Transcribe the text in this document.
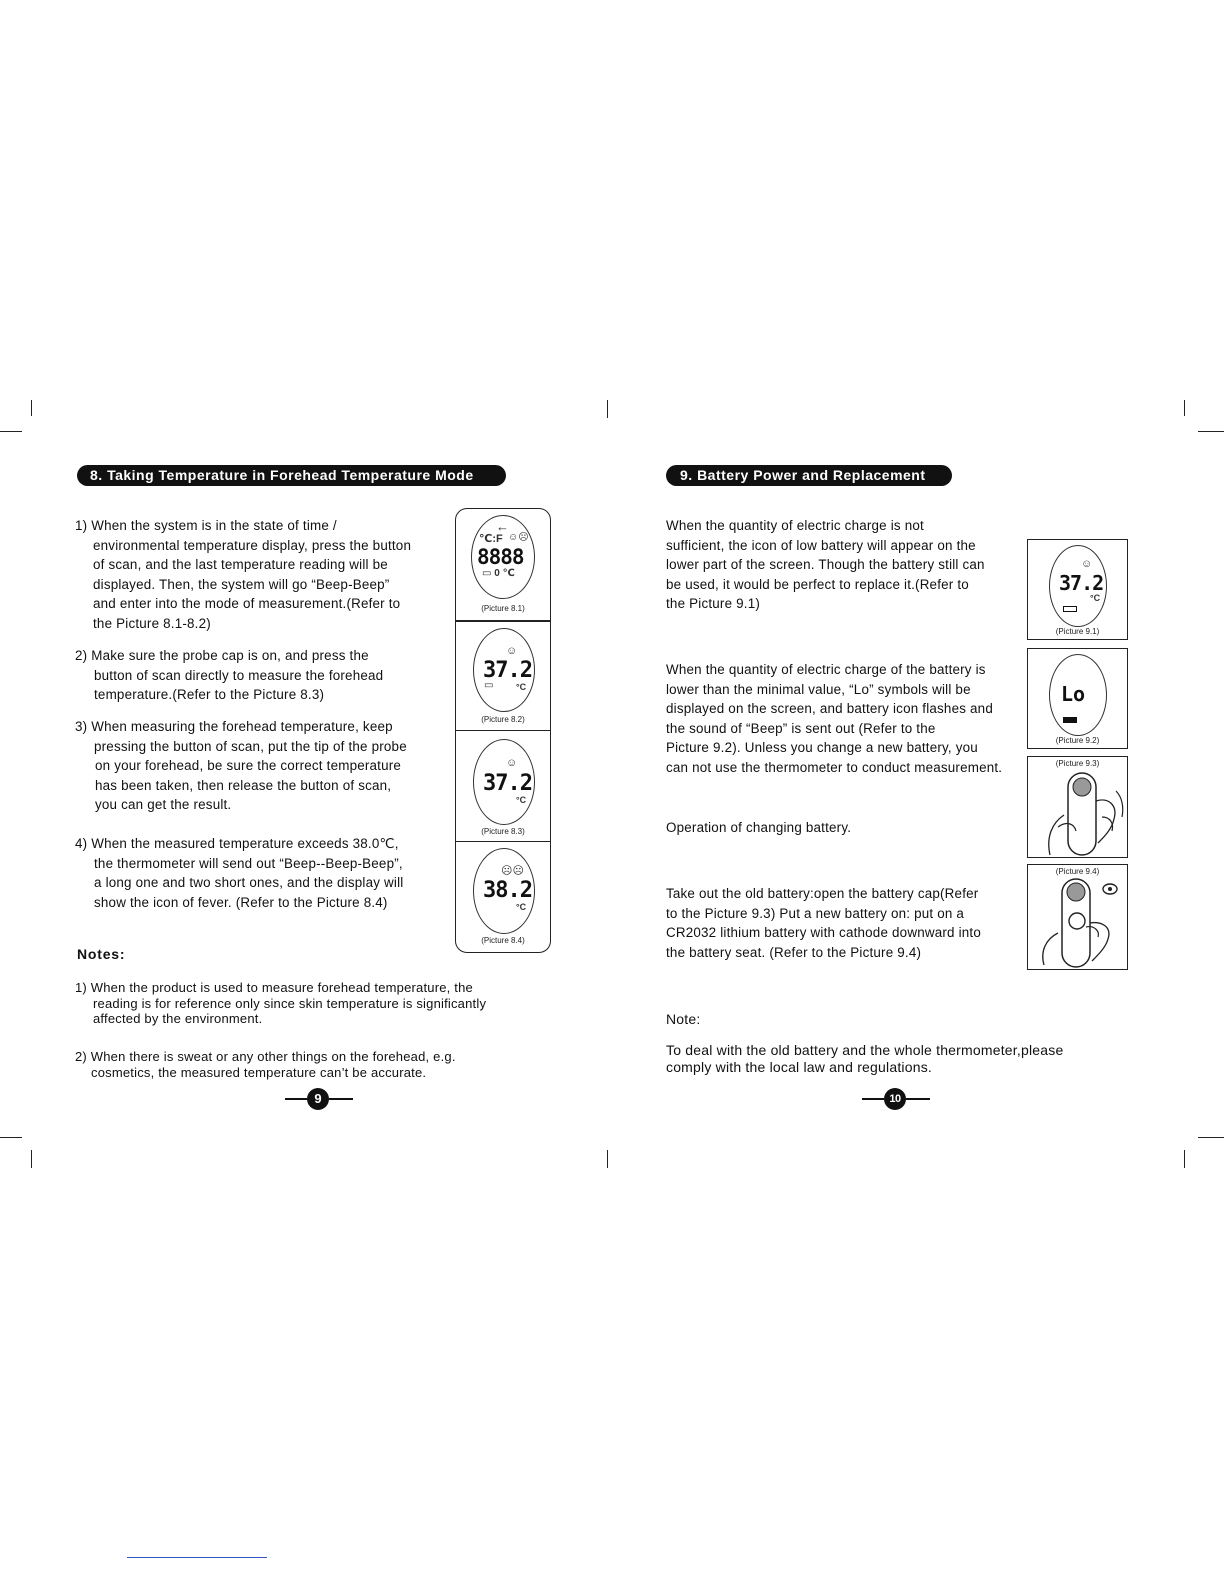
8. Taking Temperature in Forehead Temperature Mode
1) When the system is in the state of time /
environmental temperature display, press the button
of scan, and the last temperature reading will be
displayed. Then, the system will go “Beep-Beep”
and enter into the mode of measurement.(Refer to
the Picture 8.1-8.2)
2) Make sure the probe cap is on, and press the
button of scan directly to measure the forehead
temperature.(Refer to the Picture 8.3)
3) When measuring the forehead temperature, keep
pressing the button of scan, put the tip of the probe
on your forehead, be sure the correct temperature
has been taken, then release the button of scan,
you can get the result.
4) When the measured temperature exceeds 38.0℃,
the thermometer will send out “Beep--Beep-Beep”,
a long one and two short ones, and the display will
show the icon of fever. (Refer to the Picture 8.4)
Notes:
1) When the product is used to measure forehead temperature, the
reading is for reference only since skin temperature is significantly
affected by the environment.
2) When there is sweat or any other things on the forehead, e.g.
cosmetics, the measured temperature can’t be accurate.
←
℃:F ☺☹
8888
▭ 0 ℃
(Picture 8.1)
☺
37.2
▭	°C
(Picture 8.2)
☺
37.2
°C
(Picture 8.3)
☹☹
38.2
°C
(Picture 8.4)
9
9. Battery Power and Replacement
When the quantity of electric charge is not
sufficient, the icon of low battery will appear on the
lower part of the screen. Though the battery still can
be used, it would be perfect to replace it.(Refer to
the Picture 9.1)
When the quantity of electric charge of the battery is
lower than the minimal value, “Lo” symbols will be
displayed on the screen, and battery icon flashes and
the sound of “Beep” is sent out (Refer to the
Picture 9.2). Unless you change a new battery, you
can not use the thermometer to conduct measurement.
Operation of changing battery.
Take out the old battery:open the battery cap(Refer
to the Picture 9.3) Put a new battery on: put on a
CR2032 lithium battery with cathode downward into
the battery seat. (Refer to the Picture 9.4)
Note:
To deal with the old battery and the whole thermometer,please
comply with the local law and regulations.
☺
37.2
°C
(Picture 9.1)
Lo
(Picture 9.2)
(Picture 9.3)
(Picture 9.4)
10
